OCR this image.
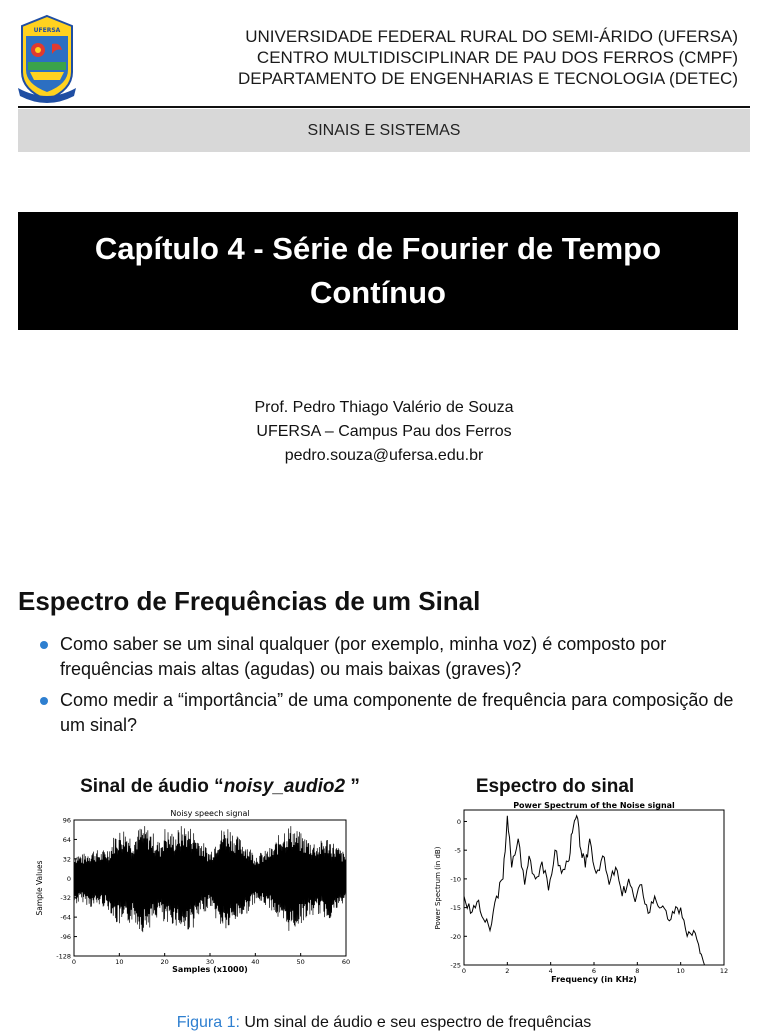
UFERSA	UNIVERSIDADE FEDERAL RURAL DO SEMI-ÁRIDO (UFERSA)
CENTRO MULTIDISCIPLINAR DE PAU DOS FERROS (CMPF)
DEPARTAMENTO DE ENGENHARIAS E TECNOLOGIA (DETEC)
SINAIS E SISTEMAS
Capítulo 4 - Série de Fourier de Tempo Contínuo
Prof. Pedro Thiago Valério de Souza
UFERSA – Campus Pau dos Ferros
pedro.souza@ufersa.edu.br
Espectro de Frequências de um Sinal
Como saber se um sinal qualquer (por exemplo, minha voz) é composto por frequências mais altas (agudas) ou mais baixas (graves)?
Como medir a “importância” de uma componente de frequência para composição de um sinal?
Sinal de áudio “noisy_audio2 ”	Espectro do sinal
0	10	20	30	40	50	60
96
64
32
0
-32
-64
-96
-128
Noisy speech signal
Samples (x1000)
Sample Values
0	2	4	6	8	10	12
0
-5
-10
-15
-20
-25
Power Spectrum of the Noise signal
Frequency (in KHz)
Power Spectrum (in dB)
Figura 1: Um sinal de áudio e seu espectro de frequências
